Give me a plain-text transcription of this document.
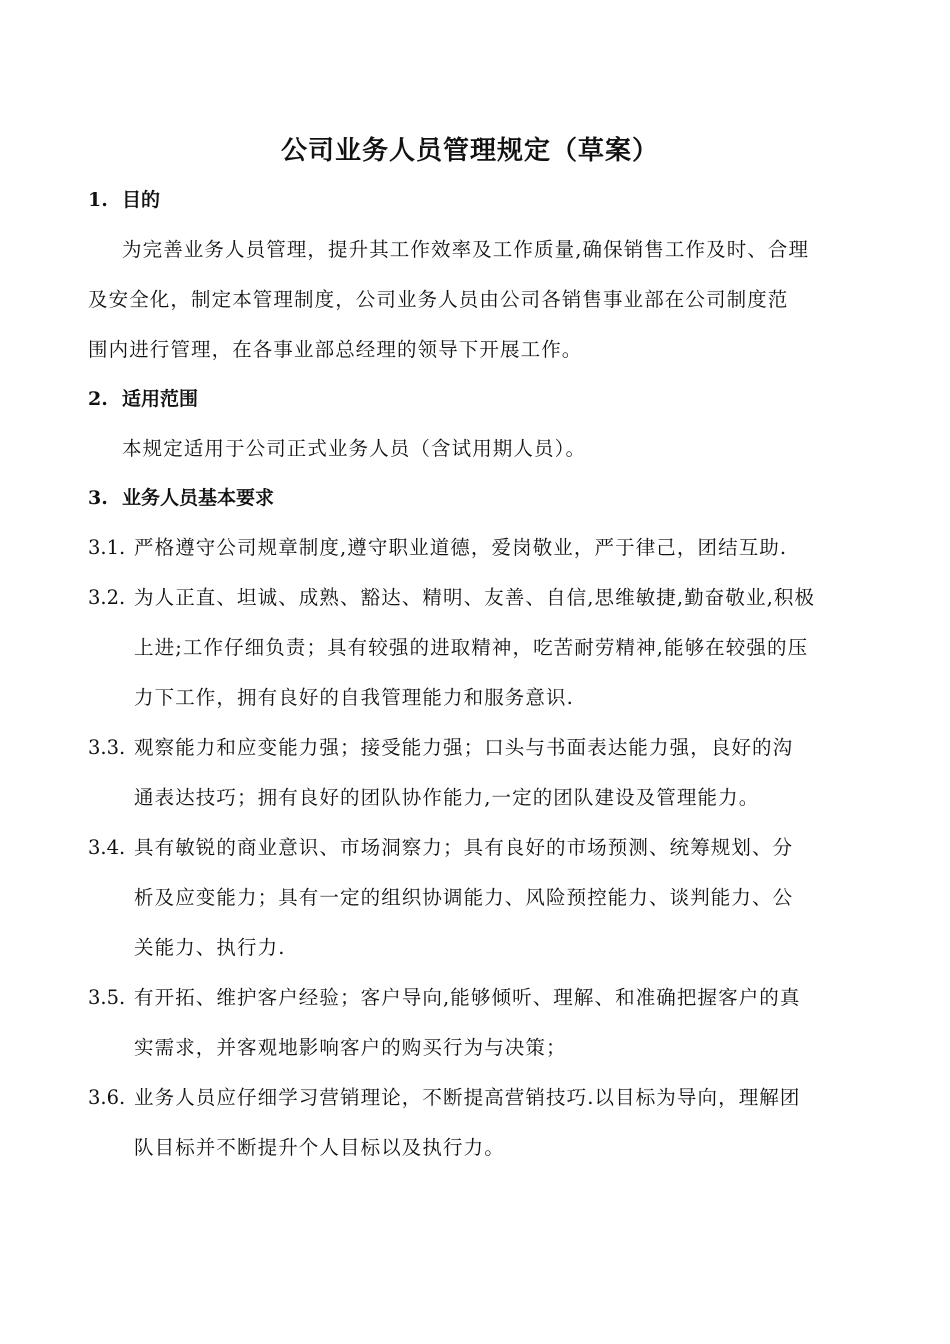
公司业务人员管理规定（草案）
1. 目的
为完善业务人员管理，提升其工作效率及工作质量,确保销售工作及时、合理
及安全化，制定本管理制度，公司业务人员由公司各销售事业部在公司制度范
围内进行管理，在各事业部总经理的领导下开展工作。
2. 适用范围
本规定适用于公司正式业务人员（含试用期人员）。
3. 业务人员基本要求
3.1. 严格遵守公司规章制度,遵守职业道德，爱岗敬业，严于律己，团结互助.
3.2. 为人正直、坦诚、成熟、豁达、精明、友善、自信,思维敏捷,勤奋敬业,积极
上进;工作仔细负责；具有较强的进取精神，吃苦耐劳精神,能够在较强的压
力下工作，拥有良好的自我管理能力和服务意识.
3.3. 观察能力和应变能力强；接受能力强；口头与书面表达能力强，良好的沟
通表达技巧；拥有良好的团队协作能力,一定的团队建设及管理能力。
3.4. 具有敏锐的商业意识、市场洞察力；具有良好的市场预测、统筹规划、分
析及应变能力；具有一定的组织协调能力、风险预控能力、谈判能力、公
关能力、执行力.
3.5. 有开拓、维护客户经验；客户导向,能够倾听、理解、和准确把握客户的真
实需求，并客观地影响客户的购买行为与决策；
3.6. 业务人员应仔细学习营销理论，不断提高营销技巧.以目标为导向，理解团
队目标并不断提升个人目标以及执行力。
